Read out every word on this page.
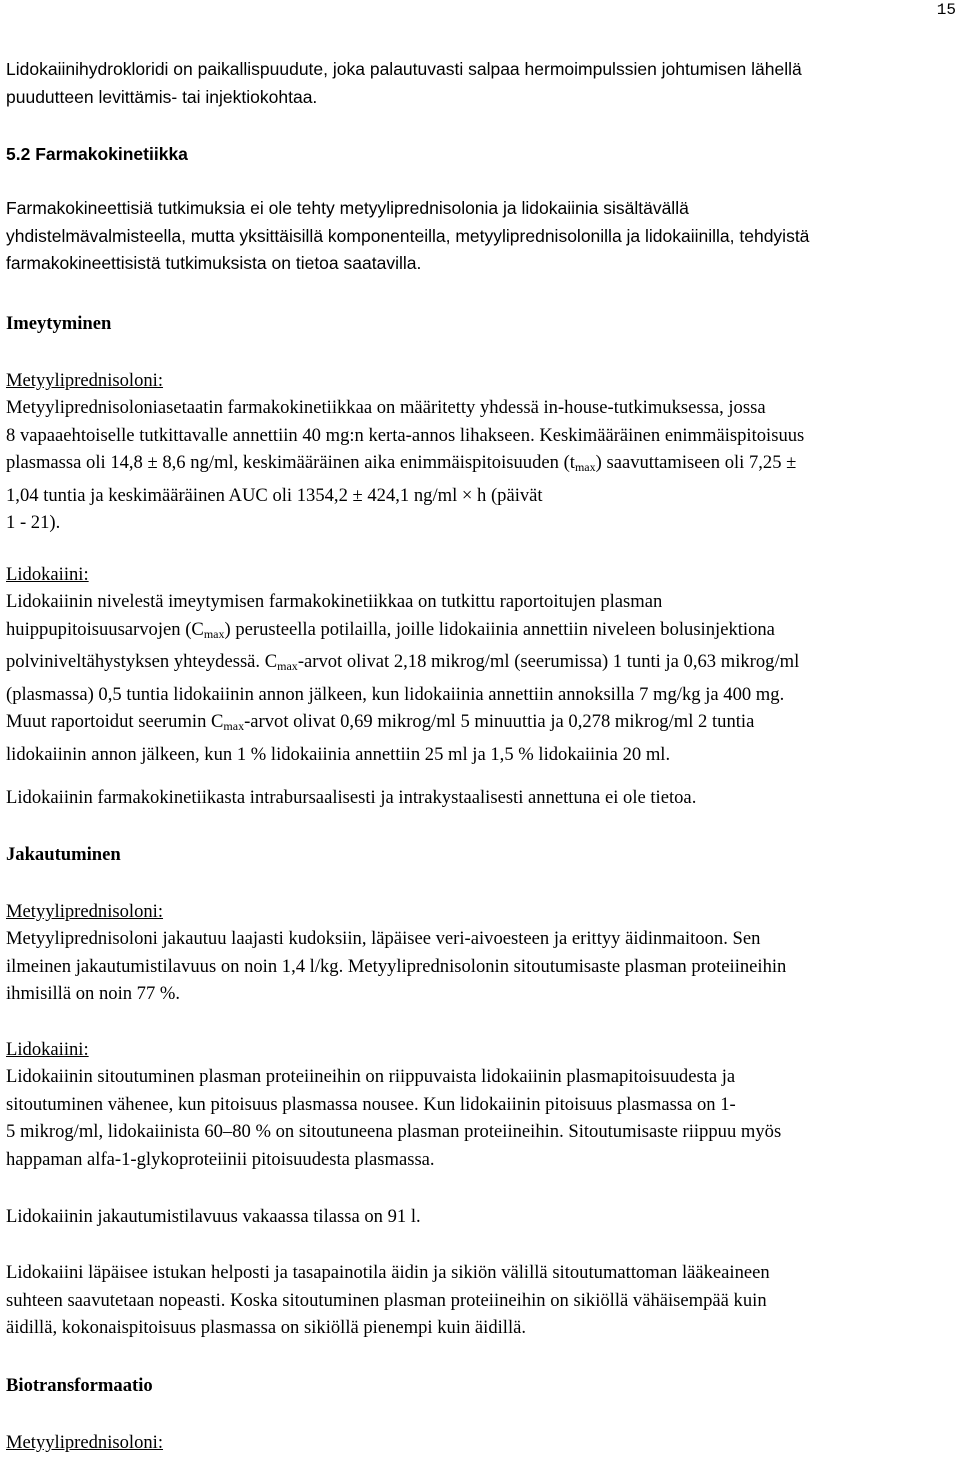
15

Lidokaiinihydrokloridi on paikallispuudute, joka palautuvasti salpaa hermoimpulssien johtumisen lähellä
puudutteen levittämis- tai injektiokohtaa.

5.2 Farmakokinetiikka

Farmakokineettisiä tutkimuksia ei ole tehty metyyliprednisolonia ja lidokaiinia sisältävällä
yhdistelmävalmisteella, mutta yksittäisillä komponenteilla, metyyliprednisolonilla ja lidokaiinilla, tehdyistä
farmakokineettisistä tutkimuksista on tietoa saatavilla.

Imeytyminen
Metyyliprednisoloni:

Metyyliprednisoloniasetaatin farmakokinetiikkaa on määritetty yhdessä in-house-tutkimuksessa, jossa
8 vapaaehtoiselle tutkittavalle annettiin 40 mg:n kerta-annos lihakseen. Keskimääräinen enimmäispitoisuus
plasmassa oli 14,8 ± 8,6 ng/ml, keskimääräinen aika enimmäispitoisuuden $(t_{max})$ saavuttamiseen oli 7,25 ±
1,04 tuntia ja keskimääräinen AUC oli 1354,2 ± 424,1 ng/ml × h (päivät
1 - 21).

Lidokaiini:

Lidokaiinin nivelestä imeytymisen farmakokinetiikkaa on tutkittu raportoitujen plasman
huippupitoisuusarvojen $(C_{max})$ perusteella potilailla, joille lidokaiinia annettiin niveleen bolusinjektiona
polviniveltähystyksen yhteydessä. $C_{max}$-arvot olivat 2,18 mikrog/ml (seerumissa) 1 tunti ja 0,63 mikrog/ml
(plasmassa) 0,5 tuntia lidokaiinin annon jälkeen, kun lidokaiinia annettiin annoksilla 7 mg/kg ja 400 mg.
Muut raportoidut seerumin $C_{max}$-arvot olivat 0,69 mikrog/ml 5 minuuttia ja 0,278 mikrog/ml 2 tuntia
lidokaiinin annon jälkeen, kun 1 % lidokaiinia annettiin 25 ml ja 1,5 % lidokaiinia 20 ml.

Lidokaiinin farmakokinetiikasta intrabursaalisesti ja intrakystaalisesti annettuna ei ole tietoa.
Jakautuminen
Metyyliprednisoloni:

Metyyliprednisoloni jakautuu laajasti kudoksiin, läpäisee veri-aivoesteen ja erittyy äidinmaitoon. Sen
ilmeinen jakautumistilavuus on noin 1,4 l/kg. Metyyliprednisolonin sitoutumisaste plasman proteiineihin
ihmisillä on noin 77 %.

Lidokaiini:

Lidokaiinin sitoutuminen plasman proteiineihin on riippuvaista lidokaiinin plasmapitoisuudesta ja
sitoutuminen vähenee, kun pitoisuus plasmassa nousee. Kun lidokaiinin pitoisuus plasmassa on 1-
5 mikrog/ml, lidokaiinista 60–80 % on sitoutuneena plasman proteiineihin. Sitoutumisaste riippuu myös
happaman alfa-1-glykoproteiinii pitoisuudesta plasmassa.

Lidokaiinin jakautumistilavuus vakaassa tilassa on 91 l.

Lidokaiini läpäisee istukan helposti ja tasapainotila äidin ja sikiön välillä sitoutumattoman lääkeaineen
suhteen saavutetaan nopeasti. Koska sitoutuminen plasman proteiineihin on sikiöllä vähäisempää kuin
äidillä, kokonaispitoisuus plasmassa on sikiöllä pienempi kuin äidillä.

Biotransformaatio
Metyyliprednisoloni:
